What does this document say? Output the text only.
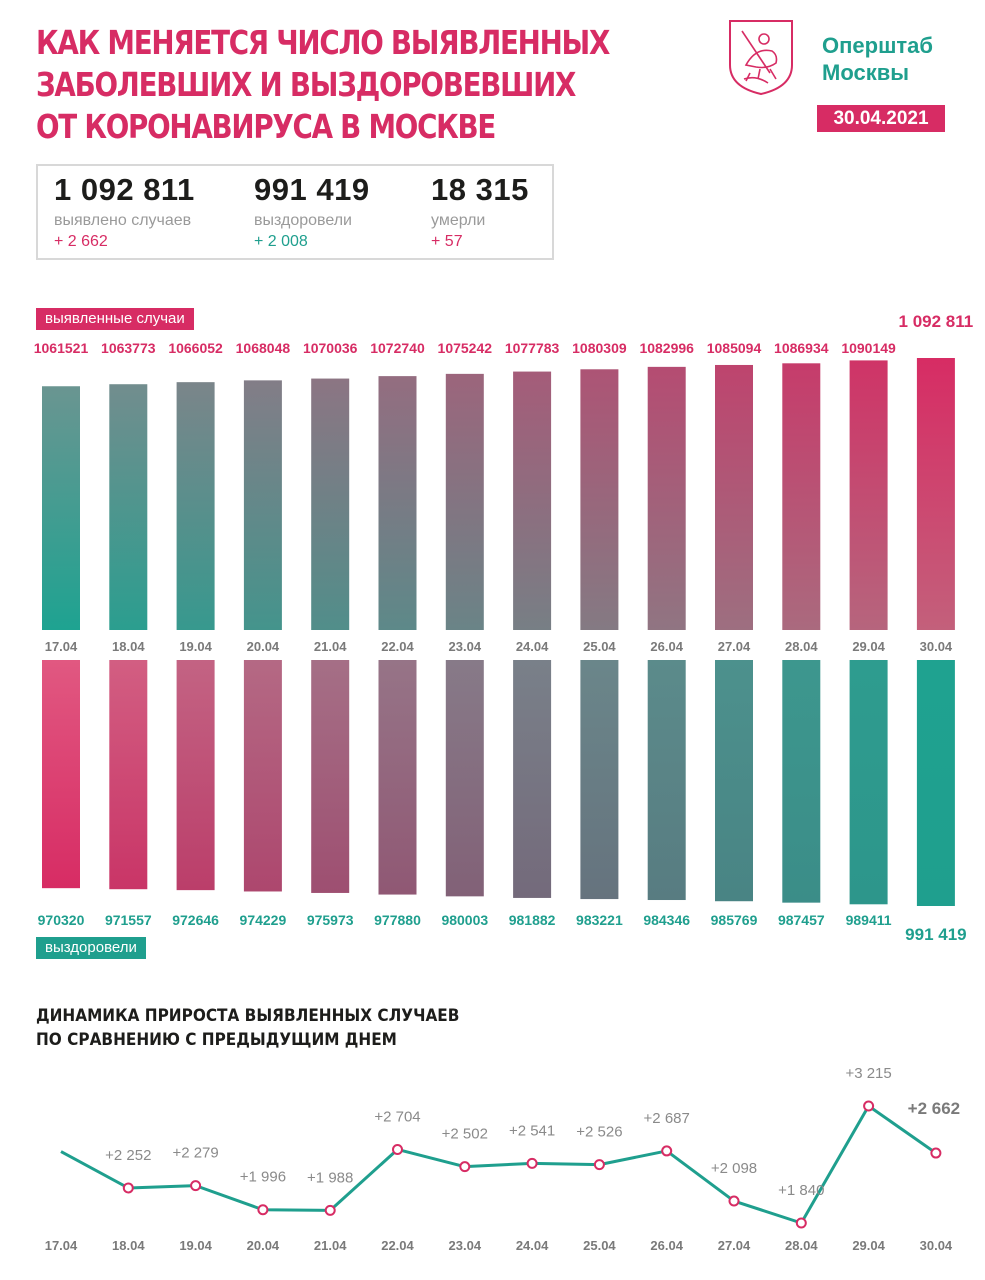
КАК МЕНЯЕТСЯ ЧИСЛО ВЫЯВЛЕННЫХ
ЗАБОЛЕВШИХ И ВЫЗДОРОВЕВШИХ
ОТ КОРОНАВИРУСА В МОСКВЕ
Оперштаб
Москвы
30.04.2021
1 092 811
выявлено случаев
+ 2 662
991 419
выздоровели
+ 2 008
18 315
умерли
+ 57
выявленные случаи
выздоровели
1061521
17.04
1063773
18.04
1066052
19.04
1068048
20.04
1070036
21.04
1072740
22.04
1075242
23.04
1077783
24.04
1080309
25.04
1082996
26.04
1085094
27.04
1086934
28.04
1090149
29.04
1 092 811
30.04
970320 971557 972646 974229 975973 977880 980003 981882 983221 984346 985769 987457 989411
991 419
ДИНАМИКА ПРИРОСТА ВЫЯВЛЕННЫХ СЛУЧАЕВ
ПО СРАВНЕНИЮ С ПРЕДЫДУЩИМ ДНЕМ
17.04
+2 252
18.04
+2 279
19.04
+1 996
20.04
+1 988
21.04
+2 704
22.04
+2 502
23.04
+2 541
24.04
+2 526
25.04
+2 687
26.04
+2 098
27.04
+1 840
28.04
+3 215
29.04
+2 662
30.04
